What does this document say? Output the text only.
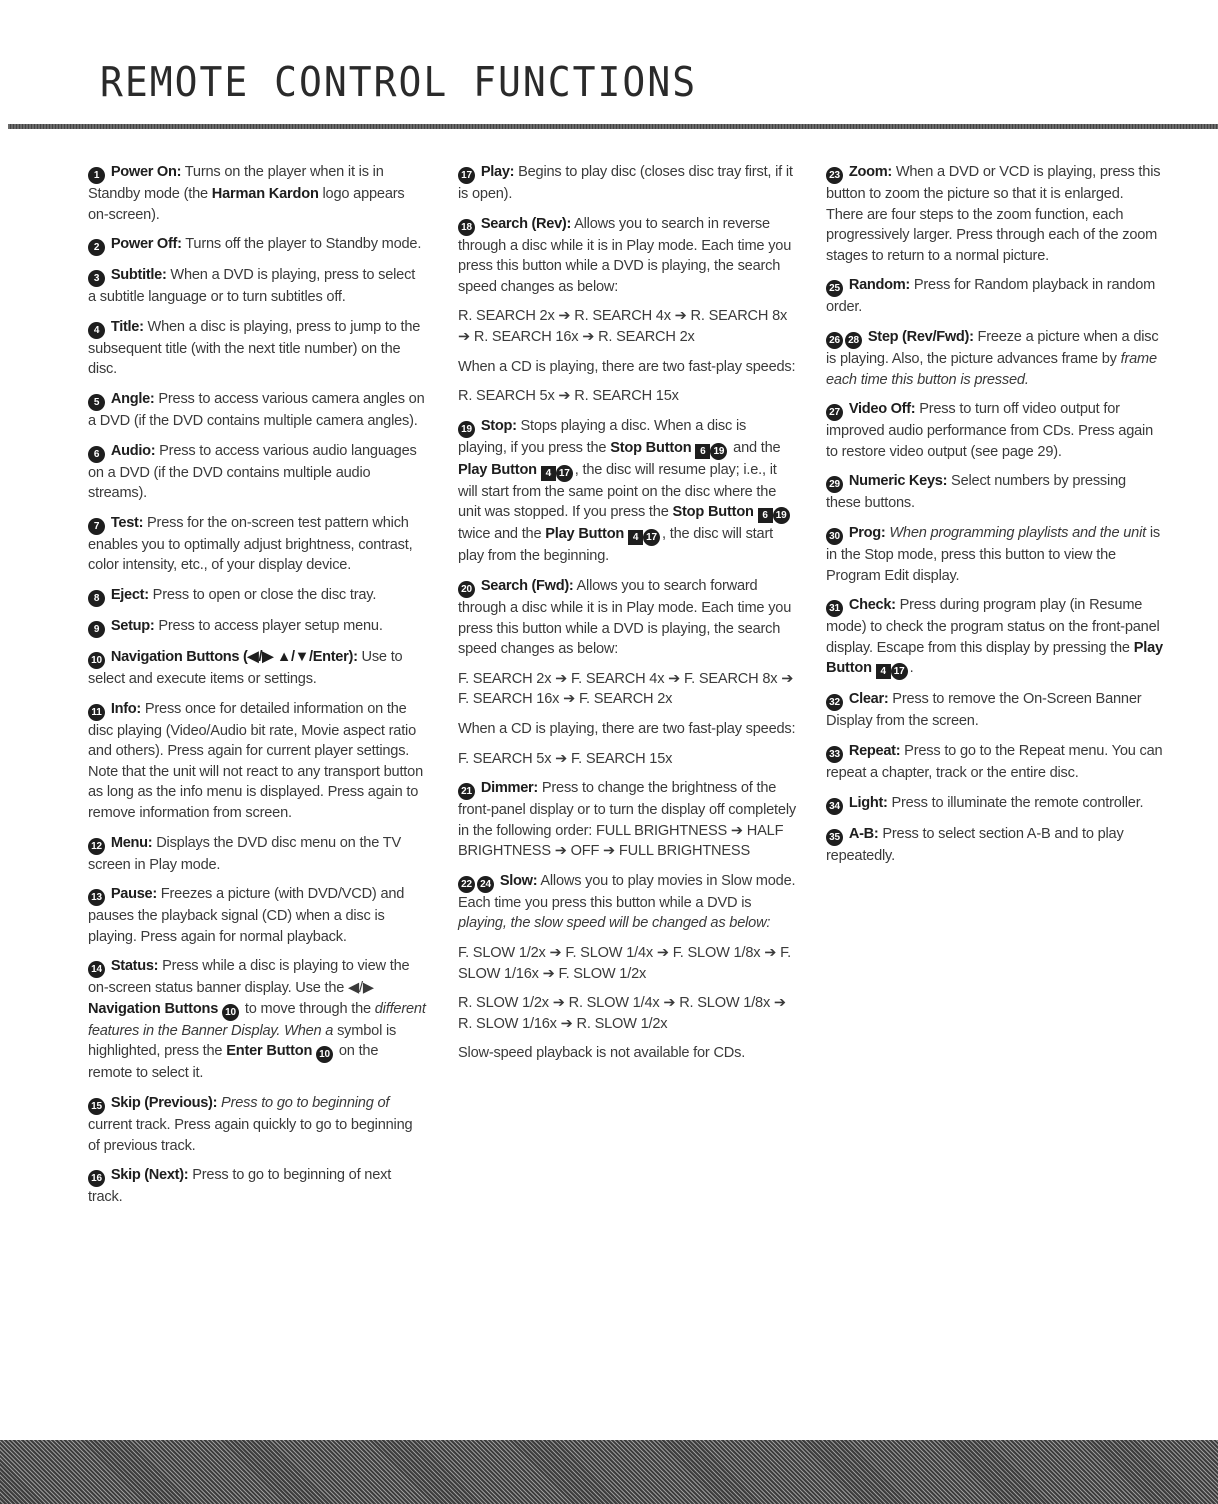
REMOTE CONTROL FUNCTIONS

1 Power On: Turns on the player when it is in Standby mode (the Harman Kardon logo appears on-screen).

2 Power Off: Turns off the player to Standby mode.

3 Subtitle: When a DVD is playing, press to select a subtitle language or to turn subtitles off.

4 Title: When a disc is playing, press to jump to the subsequent title (with the next title number) on the disc.

5 Angle: Press to access various camera angles on a DVD (if the DVD contains multiple camera angles).

6 Audio: Press to access various audio languages on a DVD (if the DVD contains multiple audio streams).

7 Test: Press for the on-screen test pattern which enables you to optimally adjust brightness, contrast, color intensity, etc., of your display device.

8 Eject: Press to open or close the disc tray.

9 Setup: Press to access player setup menu.

10 Navigation Buttons (◀/▶ ▲/▼/Enter): Use to select and execute items or settings.

11 Info: Press once for detailed information on the disc playing (Video/Audio bit rate, Movie aspect ratio and others). Press again for current player settings. Note that the unit will not react to any transport button as long as the info menu is displayed. Press again to remove information from screen.

12 Menu: Displays the DVD disc menu on the TV screen in Play mode.

13 Pause: Freezes a picture (with DVD/VCD) and pauses the playback signal (CD) when a disc is playing. Press again for normal playback.

14 Status: Press while a disc is playing to view the on-screen status banner display. Use the ◀/▶ Navigation Buttons 10 to move through the different features in the Banner Display. When a symbol is highlighted, press the Enter Button 10 on the remote to select it.

15 Skip (Previous): Press to go to beginning of current track. Press again quickly to go to beginning of previous track.

16 Skip (Next): Press to go to beginning of next track.

17 Play: Begins to play disc (closes disc tray first, if it is open).

18 Search (Rev): Allows you to search in reverse through a disc while it is in Play mode. Each time you press this button while a DVD is playing, the search speed changes as below:

R. SEARCH 2x ➔ R. SEARCH 4x ➔ R. SEARCH 8x ➔ R. SEARCH 16x ➔ R. SEARCH 2x

When a CD is playing, there are two fast-play speeds:

R. SEARCH 5x ➔ R. SEARCH 15x

19 Stop: Stops playing a disc. When a disc is playing, if you press the Stop Button 6 19 and the Play Button 4 17 , the disc will resume play; i.e., it will start from the same point on the disc where the unit was stopped. If you press the Stop Button 6 19 twice and the Play Button 4 17 , the disc will start play from the beginning.

20 Search (Fwd): Allows you to search forward through a disc while it is in Play mode. Each time you press this button while a DVD is playing, the search speed changes as below:

F. SEARCH 2x ➔ F. SEARCH 4x ➔ F. SEARCH 8x ➔ F. SEARCH 16x ➔ F. SEARCH 2x

When a CD is playing, there are two fast-play speeds:

F. SEARCH 5x ➔ F. SEARCH 15x

21 Dimmer: Press to change the brightness of the front-panel display or to turn the display off completely in the following order: FULL BRIGHTNESS ➔ HALF BRIGHTNESS ➔ OFF ➔ FULL BRIGHTNESS

22 24 Slow: Allows you to play movies in Slow mode. Each time you press this button while a DVD is playing, the slow speed will be changed as below:

F. SLOW 1/2x ➔ F. SLOW 1/4x ➔ F. SLOW 1/8x ➔ F. SLOW 1/16x ➔ F. SLOW 1/2x

R. SLOW 1/2x ➔ R. SLOW 1/4x ➔ R. SLOW 1/8x ➔ R. SLOW 1/16x ➔ R. SLOW 1/2x

Slow-speed playback is not available for CDs.

23 Zoom: When a DVD or VCD is playing, press this button to zoom the picture so that it is enlarged. There are four steps to the zoom function, each progressively larger. Press through each of the zoom stages to return to a normal picture.

25 Random: Press for Random playback in random order.

26 28 Step (Rev/Fwd): Freeze a picture when a disc is playing. Also, the picture advances frame by frame each time this button is pressed.

27 Video Off: Press to turn off video output for improved audio performance from CDs. Press again to restore video output (see page 29).

29 Numeric Keys: Select numbers by pressing these buttons.

30 Prog: When programming playlists and the unit is in the Stop mode, press this button to view the Program Edit display.

31 Check: Press during program play (in Resume mode) to check the program status on the front-panel display. Escape from this display by pressing the Play Button 4 17 .

32 Clear: Press to remove the On-Screen Banner Display from the screen.

33 Repeat: Press to go to the Repeat menu. You can repeat a chapter, track or the entire disc.

34 Light: Press to illuminate the remote controller.

35 A-B: Press to select section A-B and to play repeatedly.
